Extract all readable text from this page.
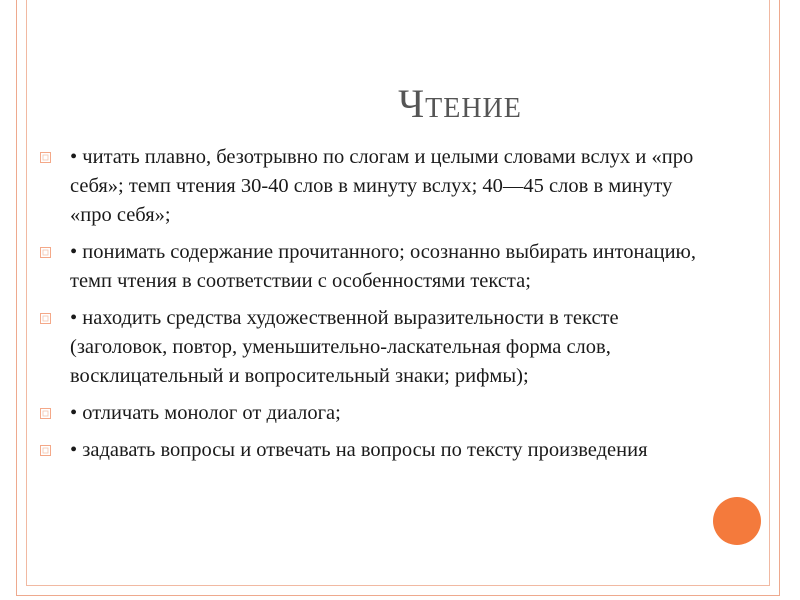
Чтение
• читать плавно, безотрывно по слогам и целыми словами вслух и «про себя»; темп чтения 30-40 слов в минуту вслух; 40—45 слов в минуту «про себя»;
• понимать содержание прочитанного; осознанно выбирать интонацию, темп чтения в соответствии с особенностями текста;
• находить средства художественной выразительности в тексте (заголовок, повтор, уменьшительно-ласкательная форма слов, восклицательный и вопросительный знаки; рифмы);
• отличать монолог от диалога;
• задавать вопросы и отвечать на вопросы по тексту произведения
